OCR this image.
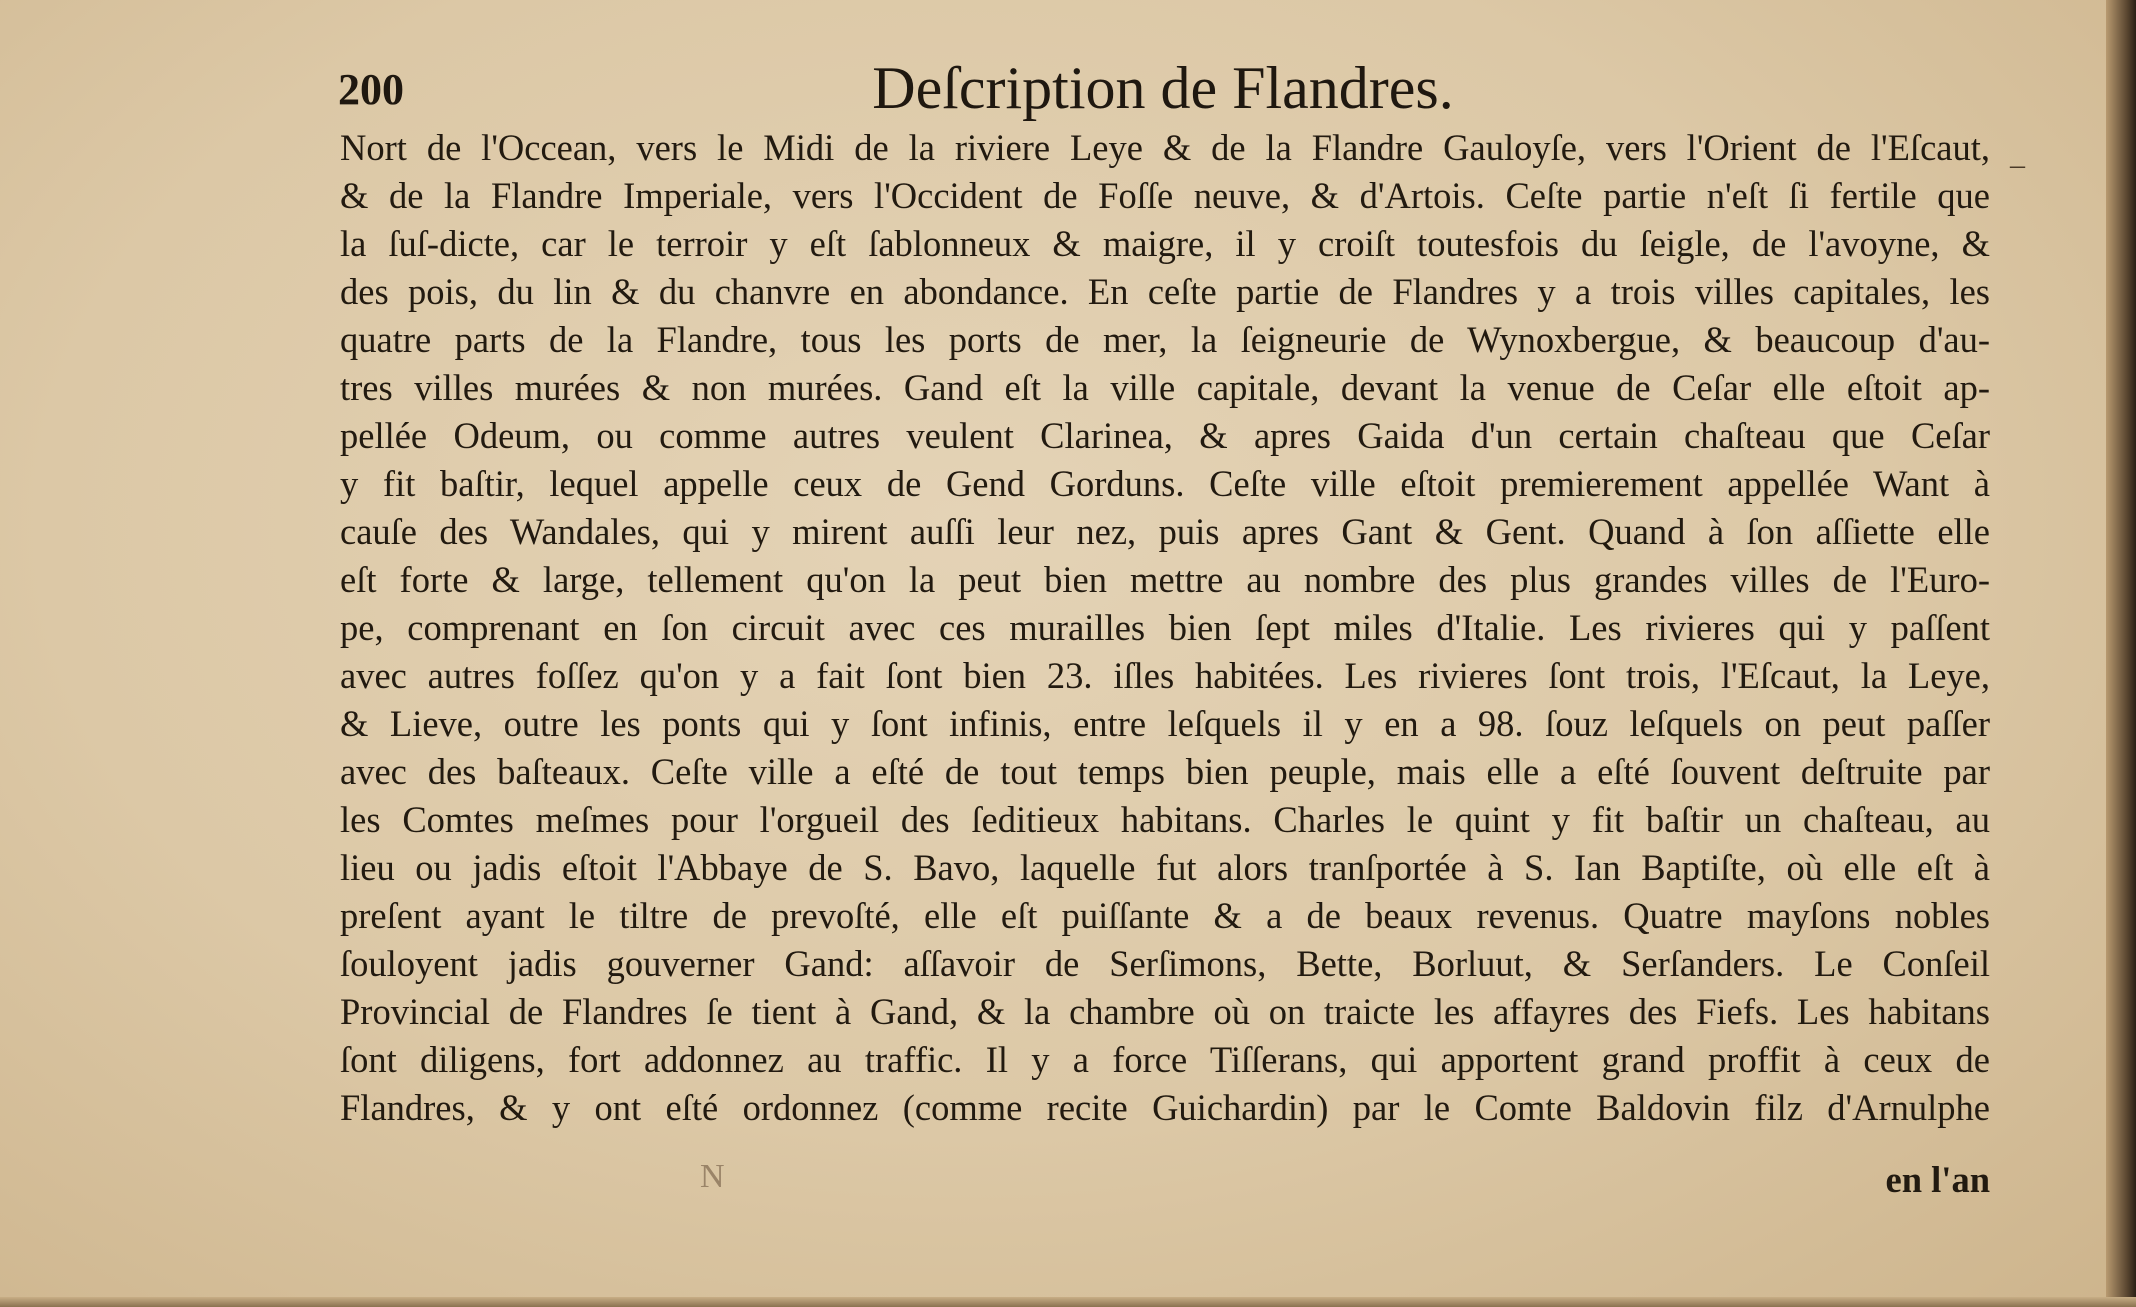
200	Deſcription de Flandres.
–
Nort de l'Occean, vers le Midi de la riviere Leye & de la Flandre Gauloyſe, vers l'Orient de l'Eſcaut,
& de la Flandre Imperiale, vers l'Occident de Foſſe neuve, & d'Artois. Ceſte partie n'eſt ſi fertile que
la ſuſ-dicte, car le terroir y eſt ſablonneux & maigre, il y croiſt toutesfois du ſeigle, de l'avoyne, &
des pois, du lin & du chanvre en abondance. En ceſte partie de Flandres y a trois villes capitales, les
quatre parts de la Flandre, tous les ports de mer, la ſeigneurie de Wynoxbergue, & beaucoup d'au-
tres villes murées & non murées. Gand eſt la ville capitale, devant la venue de Ceſar elle eſtoit ap-
pellée Odeum, ou comme autres veulent Clarinea, & apres Gaida d'un certain chaſteau que Ceſar
y fit baſtir, lequel appelle ceux de Gend Gorduns. Ceſte ville eſtoit premierement appellée Want à
cauſe des Wandales, qui y mirent auſſi leur nez, puis apres Gant & Gent. Quand à ſon aſſiette elle
eſt forte & large, tellement qu'on la peut bien mettre au nombre des plus grandes villes de l'Euro-
pe, comprenant en ſon circuit avec ces murailles bien ſept miles d'Italie. Les rivieres qui y paſſent
avec autres foſſez qu'on y a fait ſont bien 23. iſles habitées. Les rivieres ſont trois, l'Eſcaut, la Leye,
& Lieve, outre les ponts qui y ſont infinis, entre leſquels il y en a 98. ſouz leſquels on peut paſſer
avec des baſteaux. Ceſte ville a eſté de tout temps bien peuple, mais elle a eſté ſouvent deſtruite par
les Comtes meſmes pour l'orgueil des ſeditieux habitans. Charles le quint y fit baſtir un chaſteau, au
lieu ou jadis eſtoit l'Abbaye de S. Bavo, laquelle fut alors tranſportée à S. Ian Baptiſte, où elle eſt à
preſent ayant le tiltre de prevoſté, elle eſt puiſſante & a de beaux revenus. Quatre mayſons nobles
ſouloyent jadis gouverner Gand: aſſavoir de Serſimons, Bette, Borluut, & Serſanders. Le Conſeil
Provincial de Flandres ſe tient à Gand, & la chambre où on traicte les affayres des Fiefs. Les habitans
ſont diligens, fort addonnez au traffic. Il y a force Tiſſerans, qui apportent grand proffit à ceux de
Flandres, & y ont eſté ordonnez (comme recite Guichardin) par le Comte Baldovin filz d'Arnulphe
N	en l'an
